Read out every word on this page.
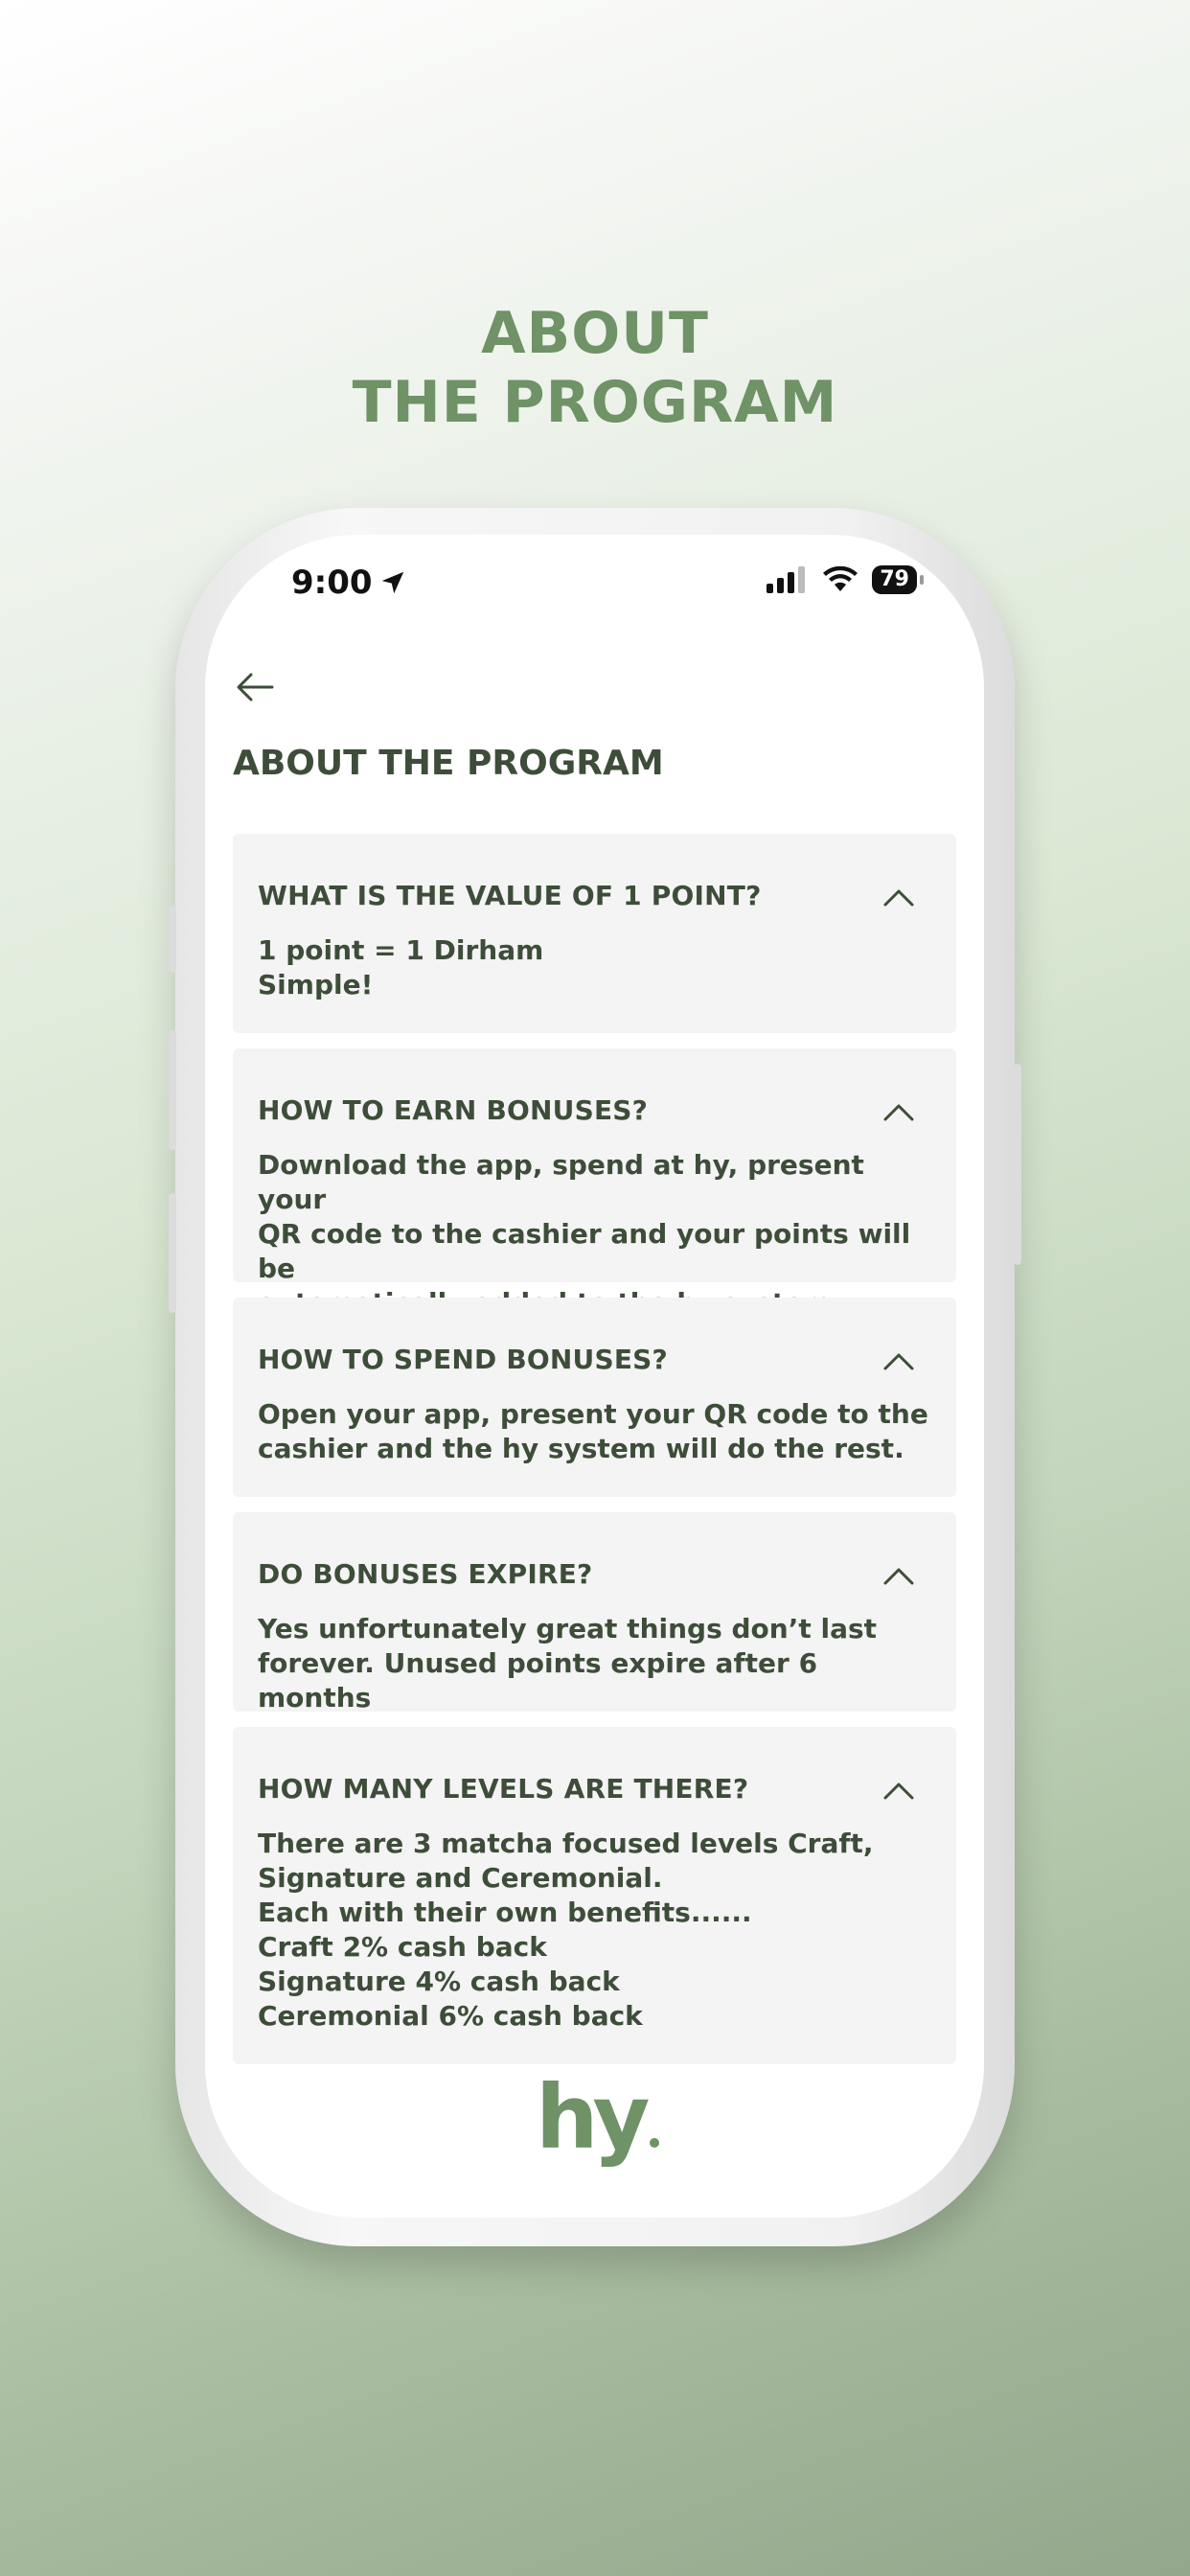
ABOUT
THE PROGRAM
9:00	79
ABOUT THE PROGRAM
WHAT IS THE VALUE OF 1 POINT?
1 point = 1 Dirham
Simple!
HOW TO EARN BONUSES?
Download the app, spend at hy, present your
QR code to the cashier and your points will be

HOW TO SPEND BONUSES?
Open your app, present your QR code to the
cashier and the hy system will do the rest.
DO BONUSES EXPIRE?
Yes unfortunately great things don’t last
forever. Unused points expire after 6 months
HOW MANY LEVELS ARE THERE?
There are 3 matcha focused levels Craft,
Signature and Ceremonial.
Each with their own benefits......
Craft 2% cash back
Signature 4% cash back
Ceremonial 6% cash back
hy
